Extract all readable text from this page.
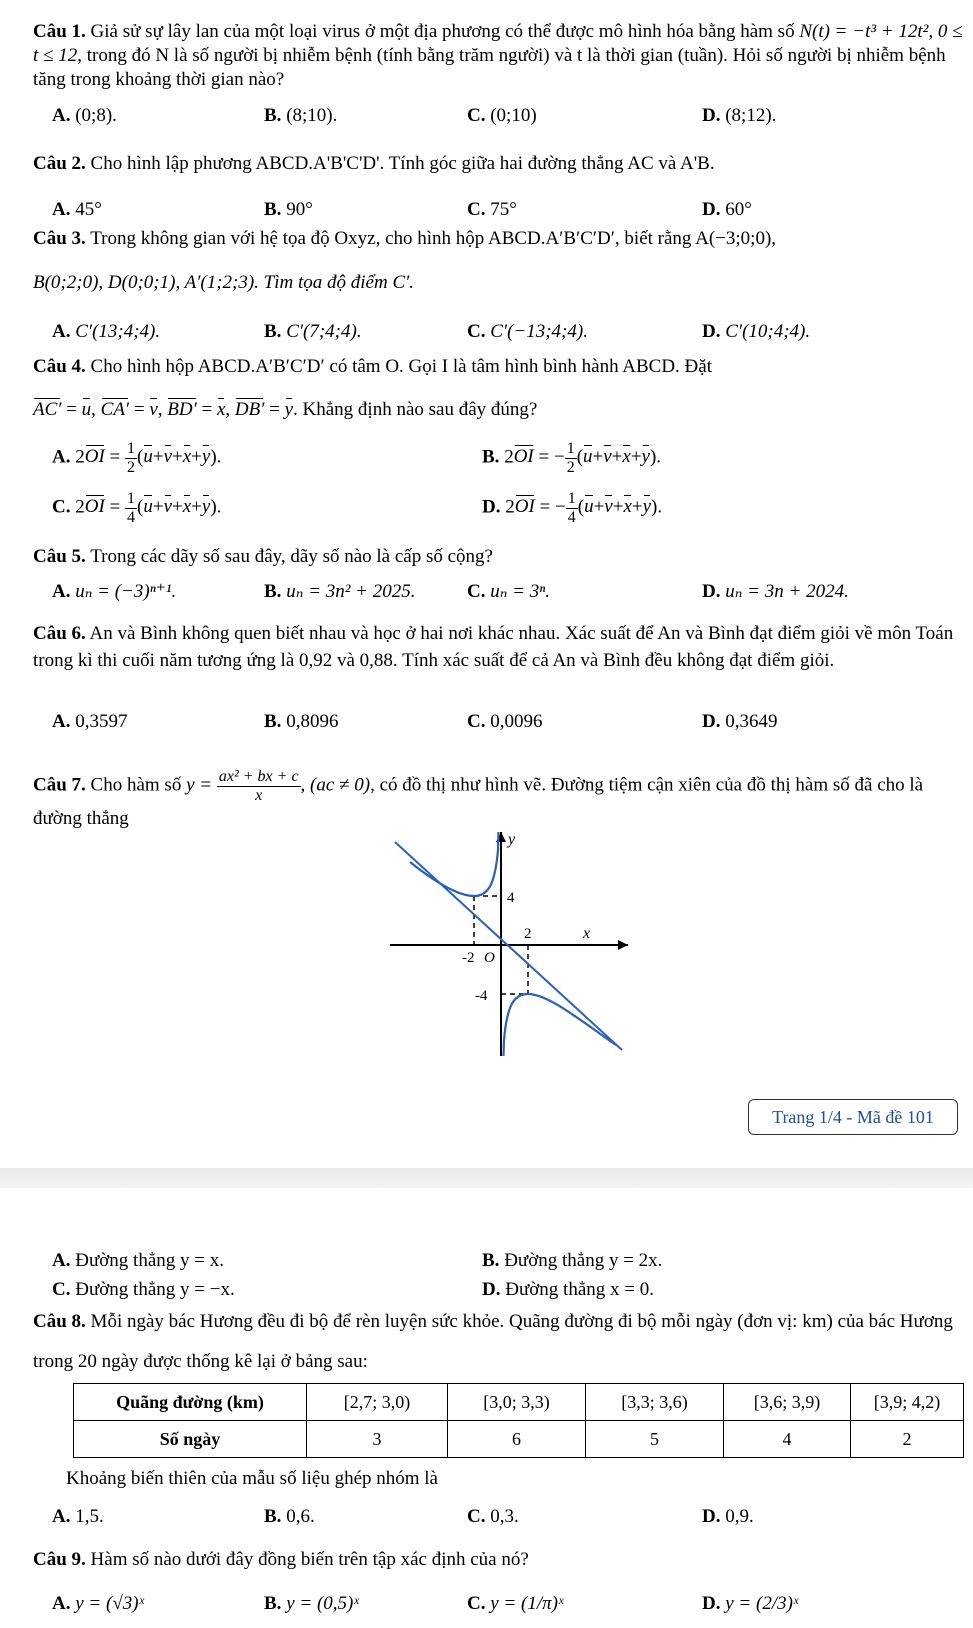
Câu 1. Giả sử sự lây lan của một loại virus ở một địa phương có thể được mô hình hóa bằng hàm số N(t) = −t³ + 12t², 0 ≤ t ≤ 12, trong đó N là số người bị nhiễm bệnh (tính bằng trăm người) và t là thời gian (tuần). Hỏi số người bị nhiễm bệnh tăng trong khoảng thời gian nào?
A. (0;8).	B. (8;10).	C. (0;10)	D. (8;12).
Câu 2. Cho hình lập phương ABCD.A'B'C'D'. Tính góc giữa hai đường thẳng AC và A'B.
A. 45°	B. 90°	C. 75°	D. 60°
Câu 3. Trong không gian với hệ tọa độ Oxyz, cho hình hộp ABCD.A′B′C′D′, biết rằng A(−3;0;0),
B(0;2;0), D(0;0;1), A′(1;2;3). Tìm tọa độ điểm C′.
A. C′(13;4;4).	B. C′(7;4;4).	C. C′(−13;4;4).	D. C′(10;4;4).
Câu 4. Cho hình hộp ABCD.A′B′C′D′ có tâm O. Gọi I là tâm hình bình hành ABCD. Đặt
AC′ = u, CA′ = v, BD′ = x, DB′ = y. Khẳng định nào sau đây đúng?
A. $2OI = \frac{1}{2} (u+v+x+y)$.	B. 2OI = − $\frac{1}{2} (u+v+x+y)$.
C. $2OI = \frac{1}{4} (u+v+x+y)$.	D. 2OI = − $\frac{1}{4} (u+v+x+y)$.
Câu 5. Trong các dãy số sau đây, dãy số nào là cấp số cộng?
A. uₙ = (−3)ⁿ⁺¹.	B. uₙ = 3n² + 2025.	C. uₙ = 3ⁿ.	D. uₙ = 3n + 2024.
Câu 6. An và Bình không quen biết nhau và học ở hai nơi khác nhau. Xác suất để An và Bình đạt điểm giỏi về môn Toán trong kì thi cuối năm tương ứng là 0,92 và 0,88. Tính xác suất để cả An và Bình đều không đạt điểm giỏi.
A. 0,3597	B. 0,8096	C. 0,0096	D. 0,3649
Câu 7. Cho hàm số $y = \frac{\text{ax² + bx + c}}{x}$ , (ac ≠ 0), có đồ thị như hình vẽ. Đường tiệm cận xiên của đồ thị hàm số đã cho là đường thẳng
y
x
4
2
-2 O
-4
Trang 1/4 - Mã đề 101
A. Đường thẳng y = x.	B. Đường thẳng y = 2x.
C. Đường thẳng y = −x.	D. Đường thẳng x = 0.
Câu 8. Mỗi ngày bác Hương đều đi bộ để rèn luyện sức khỏe. Quãng đường đi bộ mỗi ngày (đơn vị: km) của bác Hương trong 20 ngày được thống kê lại ở bảng sau:
Quãng đường (km)	[2,7; 3,0)	[3,0; 3,3)	[3,3; 3,6)	[3,6; 3,9)	[3,9; 4,2)
Số ngày	3	6	5	4	2
Khoảng biến thiên của mẫu số liệu ghép nhóm là
A. 1,5.	B. 0,6.	C. 0,3.	D. 0,9.
Câu 9. Hàm số nào dưới đây đồng biến trên tập xác định của nó?
A. y = (√3)ˣ	B. y = (0,5)ˣ	C. y = (1/π)ˣ	D. y = (2/3)ˣ
